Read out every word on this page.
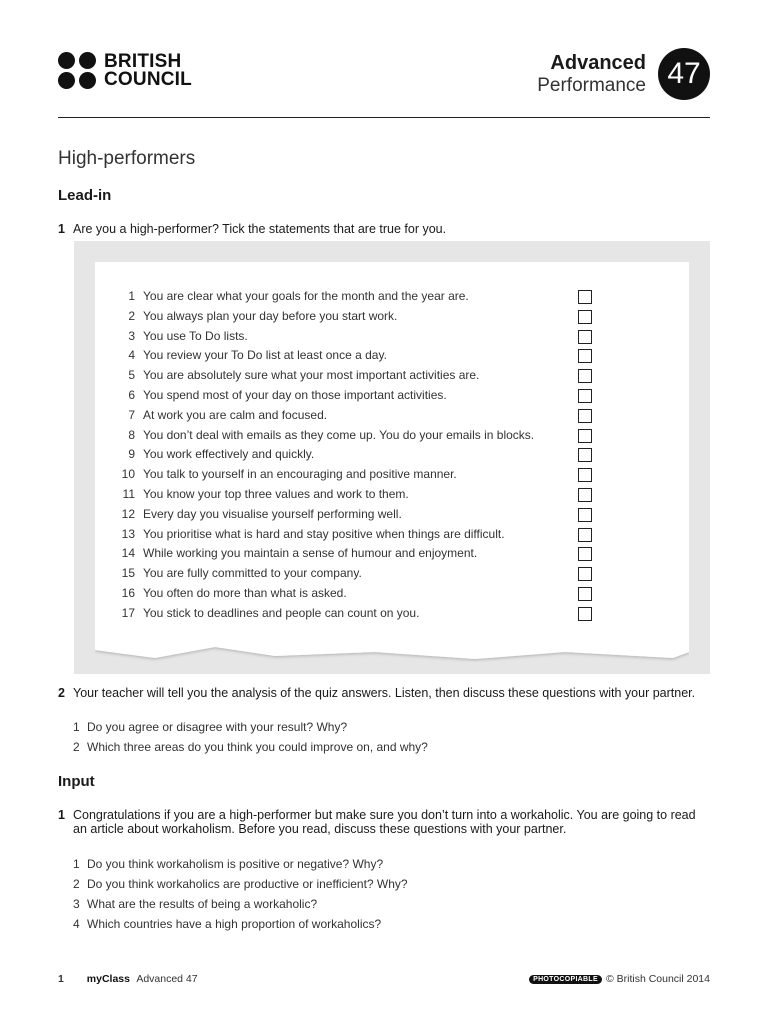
BRITISH
COUNCIL
Advanced
Performance 47
High-performers
Lead-in
1 Are you a high-performer? Tick the statements that are true for you.
1 You are clear what your goals for the month and the year are.
2 You always plan your day before you start work.
3 You use To Do lists.
4 You review your To Do list at least once a day.
5 You are absolutely sure what your most important activities are.
6 You spend most of your day on those important activities.
7 At work you are calm and focused.
8 You don’t deal with emails as they come up. You do your emails in blocks.
9 You work effectively and quickly.
10 You talk to yourself in an encouraging and positive manner.
11 You know your top three values and work to them.
12 Every day you visualise yourself performing well.
13 You prioritise what is hard and stay positive when things are difficult.
14 While working you maintain a sense of humour and enjoyment.
15 You are fully committed to your company.
16 You often do more than what is asked.
17 You stick to deadlines and people can count on you.
2 Your teacher will tell you the analysis of the quiz answers. Listen, then discuss these questions with your partner.
1 Do you agree or disagree with your result? Why?
2 Which three areas do you think you could improve on, and why?
Input
1 Congratulations if you are a high-performer but make sure you don’t turn into a workaholic. You are going to read an article about workaholism. Before you read, discuss these questions with your partner.
1 Do you think workaholism is positive or negative? Why?
2 Do you think workaholics are productive or inefficient? Why?
3 What are the results of being a workaholic?
4 Which countries have a high proportion of workaholics?
1 myClass Advanced 47	PHOTOCOPIABLE © British Council 2014
